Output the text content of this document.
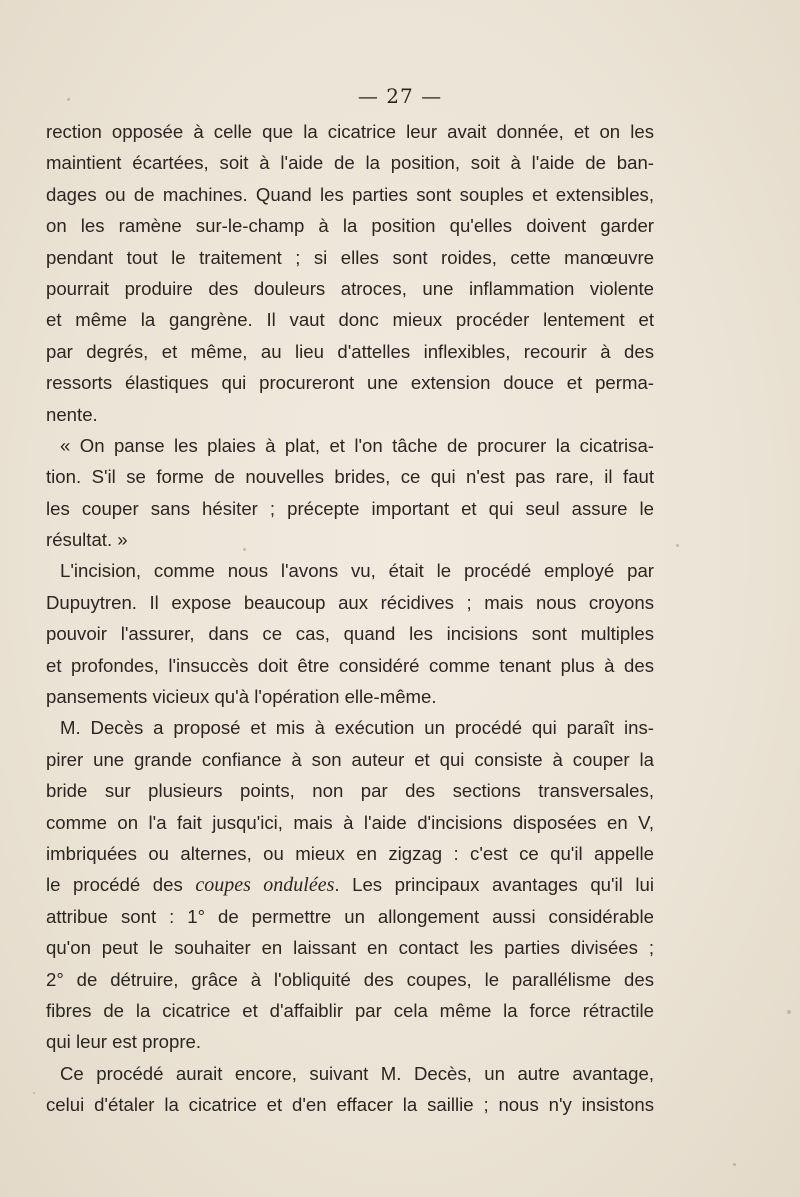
— 27 —
rection opposée à celle que la cicatrice leur avait donnée, et on les
maintient écartées, soit à l'aide de la position, soit à l'aide de ban-
dages ou de machines. Quand les parties sont souples et extensibles,
on les ramène sur-le-champ à la position qu'elles doivent garder
pendant tout le traitement ; si elles sont roides, cette manœuvre
pourrait produire des douleurs atroces, une inflammation violente
et même la gangrène. Il vaut donc mieux procéder lentement et
par degrés, et même, au lieu d'attelles inflexibles, recourir à des
ressorts élastiques qui procureront une extension douce et perma-
nente.
« On panse les plaies à plat, et l'on tâche de procurer la cicatrisa-
tion. S'il se forme de nouvelles brides, ce qui n'est pas rare, il faut
les couper sans hésiter ; précepte important et qui seul assure le
résultat. »
L'incision, comme nous l'avons vu, était le procédé employé par
Dupuytren. Il expose beaucoup aux récidives ; mais nous croyons
pouvoir l'assurer, dans ce cas, quand les incisions sont multiples
et profondes, l'insuccès doit être considéré comme tenant plus à des
pansements vicieux qu'à l'opération elle-même.
M. Decès a proposé et mis à exécution un procédé qui paraît ins-
pirer une grande confiance à son auteur et qui consiste à couper la
bride sur plusieurs points, non par des sections transversales,
comme on l'a fait jusqu'ici, mais à l'aide d'incisions disposées en V,
imbriquées ou alternes, ou mieux en zigzag : c'est ce qu'il appelle
le procédé des coupes ondulées. Les principaux avantages qu'il lui
attribue sont : 1° de permettre un allongement aussi considérable
qu'on peut le souhaiter en laissant en contact les parties divisées ;
2° de détruire, grâce à l'obliquité des coupes, le parallélisme des
fibres de la cicatrice et d'affaiblir par cela même la force rétractile
qui leur est propre.
Ce procédé aurait encore, suivant M. Decès, un autre avantage,
celui d'étaler la cicatrice et d'en effacer la saillie ; nous n'y insistons
